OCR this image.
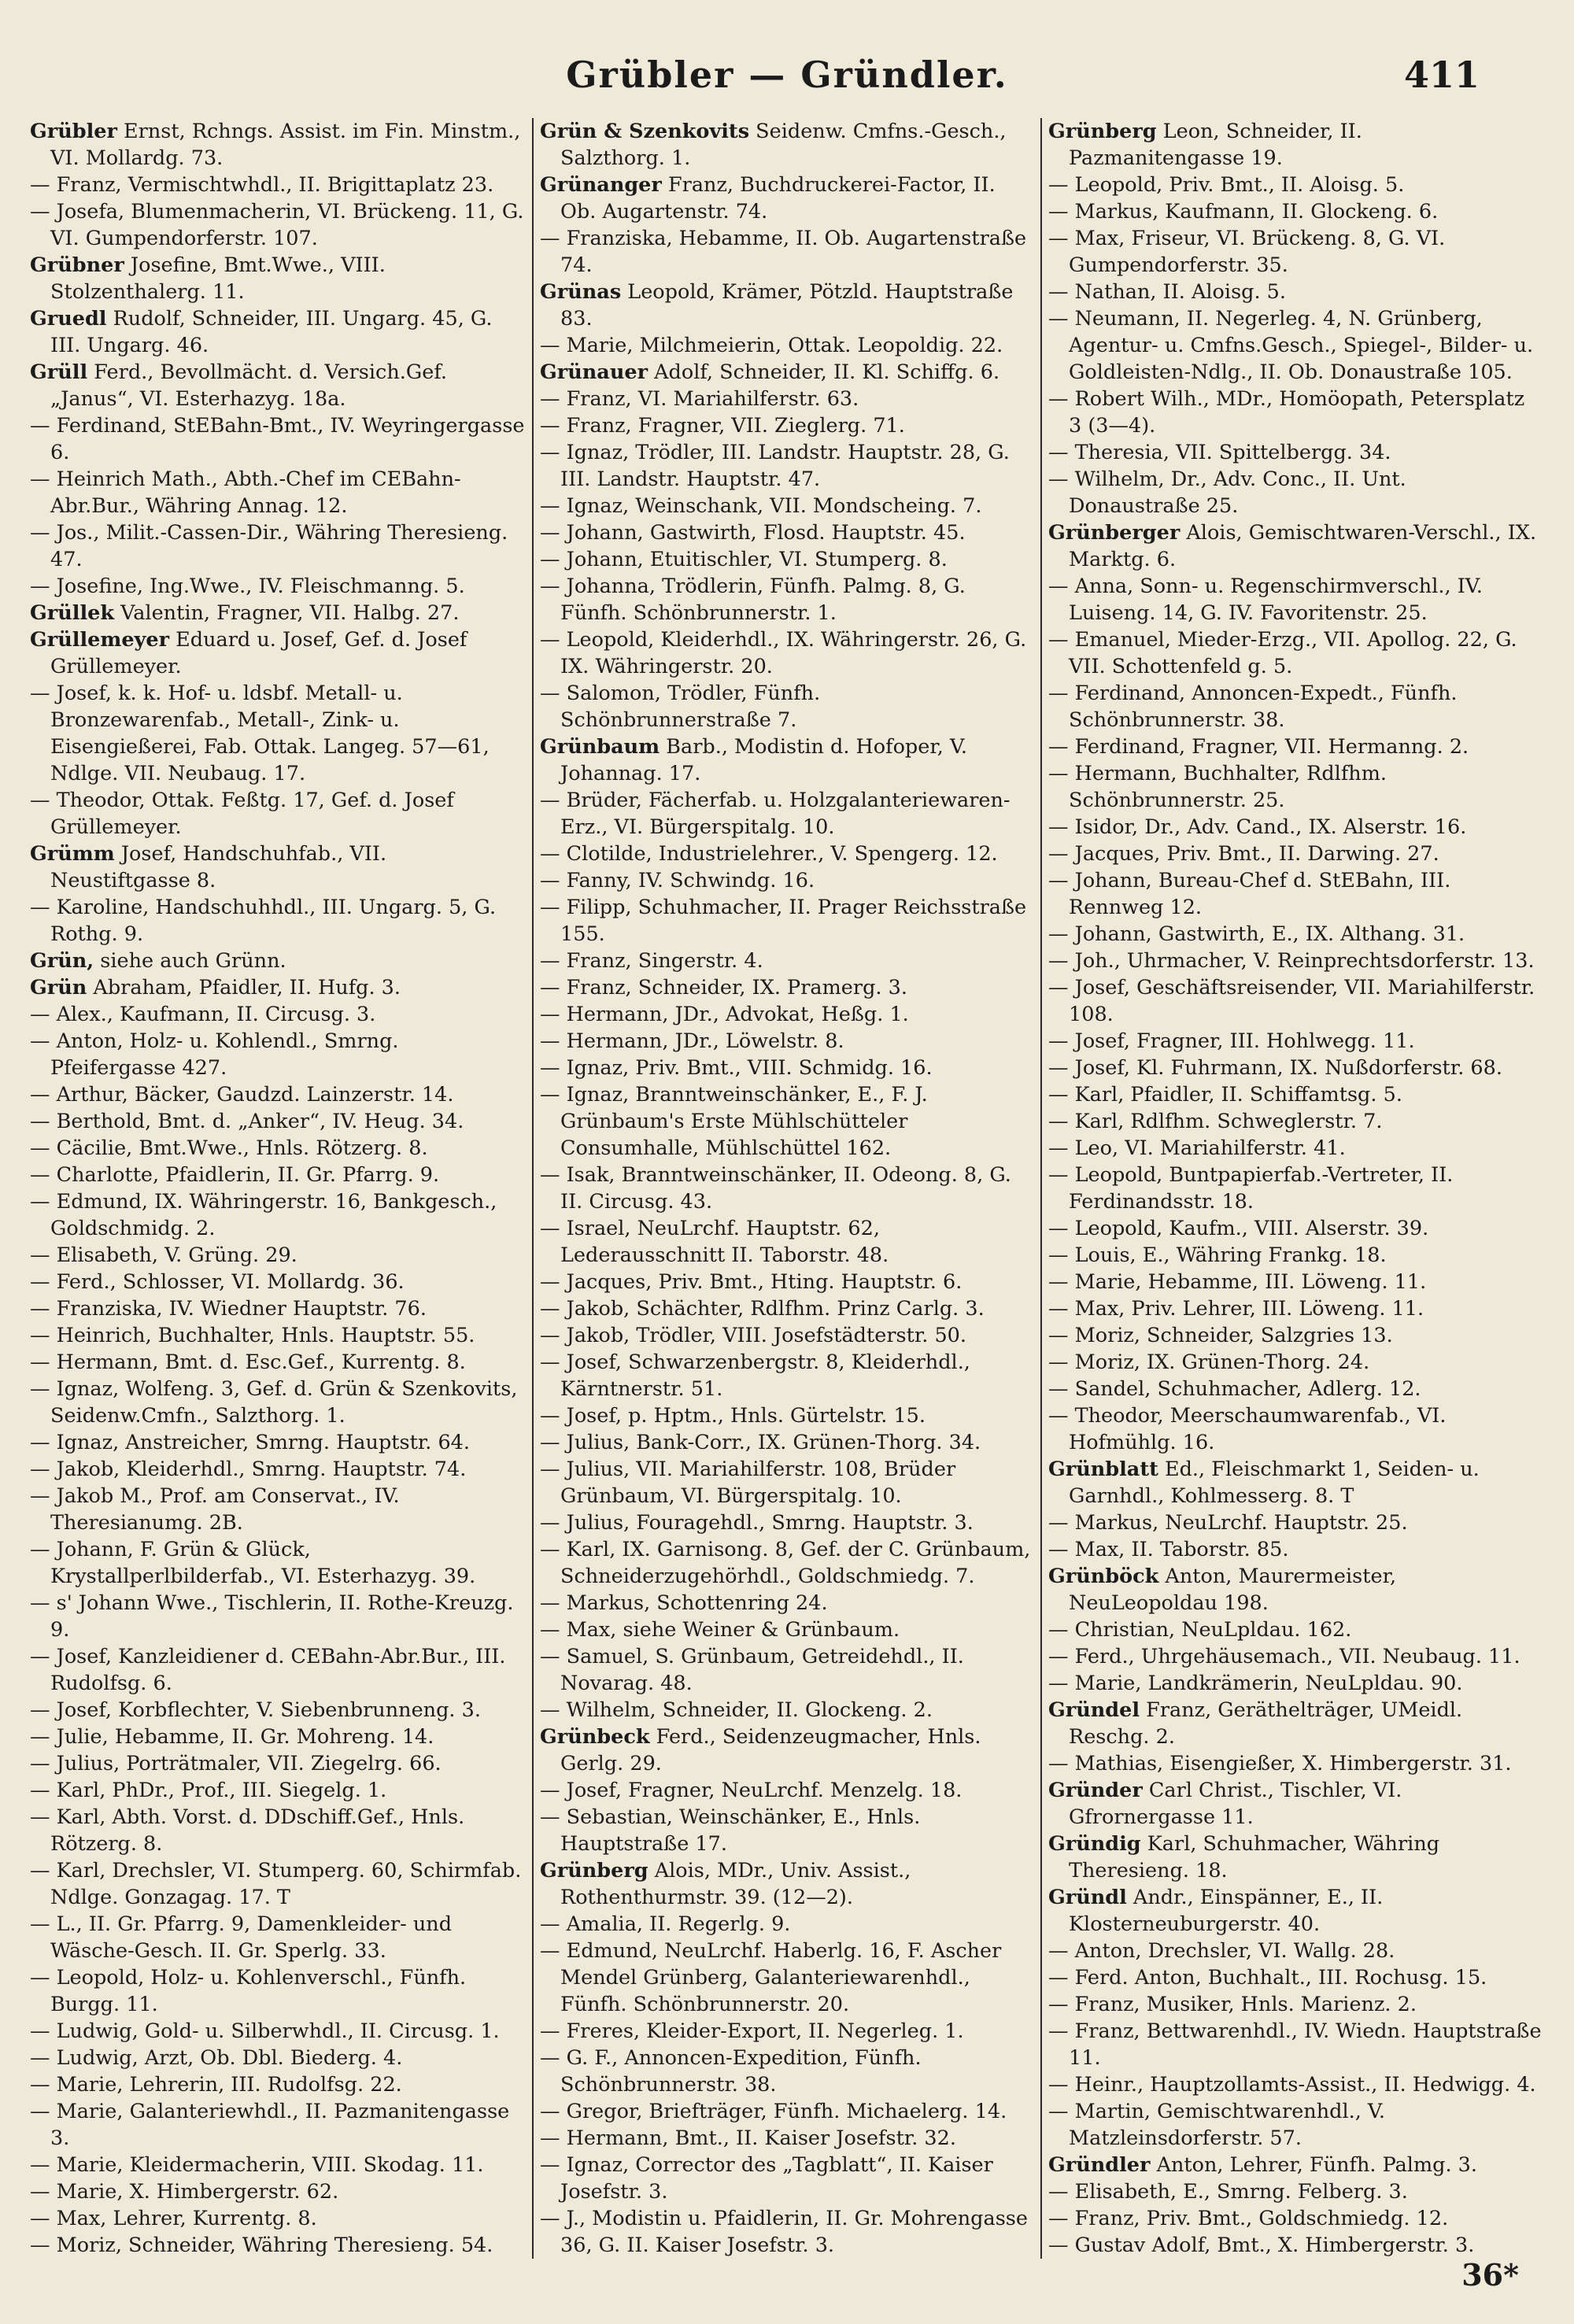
Grübler — Gründler.	411

Grübler Ernst, Rchngs. Assist. im Fin. Minstm., VI. Mollardg. 73.

— Franz, Vermischtwhdl., II. Brigittaplatz 23.

— Josefa, Blumenmacherin, VI. Brückeng. 11, G. VI. Gumpendorferstr. 107.

Grübner Josefine, Bmt.Wwe., VIII. Stolzenthalerg. 11.

Gruedl Rudolf, Schneider, III. Ungarg. 45, G. III. Ungarg. 46.

Grüll Ferd., Bevollmächt. d. Versich.Gef. „Janus“, VI. Esterhazyg. 18a.

— Ferdinand, StEBahn-Bmt., IV. Weyringergasse 6.

— Heinrich Math., Abth.-Chef im CEBahn-Abr.Bur., Währing Annag. 12.

— Jos., Milit.-Cassen-Dir., Währing Theresieng. 47.

— Josefine, Ing.Wwe., IV. Fleischmanng. 5.

Grüllek Valentin, Fragner, VII. Halbg. 27.

Grüllemeyer Eduard u. Josef, Gef. d. Josef Grüllemeyer.

— Josef, k. k. Hof- u. ldsbf. Metall- u. Bronzewarenfab., Metall-, Zink- u. Eisengießerei, Fab. Ottak. Langeg. 57—61, Ndlge. VII. Neubaug. 17.

— Theodor, Ottak. Feßtg. 17, Gef. d. Josef Grüllemeyer.

Grümm Josef, Handschuhfab., VII. Neustiftgasse 8.

— Karoline, Handschuhhdl., III. Ungarg. 5, G. Rothg. 9.

Grün, siehe auch Grünn.

Grün Abraham, Pfaidler, II. Hufg. 3.

— Alex., Kaufmann, II. Circusg. 3.

— Anton, Holz- u. Kohlendl., Smrng. Pfeifergasse 427.

— Arthur, Bäcker, Gaudzd. Lainzerstr. 14.

— Berthold, Bmt. d. „Anker“, IV. Heug. 34.

— Cäcilie, Bmt.Wwe., Hnls. Rötzerg. 8.

— Charlotte, Pfaidlerin, II. Gr. Pfarrg. 9.

— Edmund, IX. Währingerstr. 16, Bankgesch., Goldschmidg. 2.

— Elisabeth, V. Grüng. 29.

— Ferd., Schlosser, VI. Mollardg. 36.

— Franziska, IV. Wiedner Hauptstr. 76.

— Heinrich, Buchhalter, Hnls. Hauptstr. 55.

— Hermann, Bmt. d. Esc.Gef., Kurrentg. 8.

— Ignaz, Wolfeng. 3, Gef. d. Grün & Szenkovits, Seidenw.Cmfn., Salzthorg. 1.

— Ignaz, Anstreicher, Smrng. Hauptstr. 64.

— Jakob, Kleiderhdl., Smrng. Hauptstr. 74.

— Jakob M., Prof. am Conservat., IV. Theresianumg. 2B.

— Johann, F. Grün & Glück, Krystallperlbilderfab., VI. Esterhazyg. 39.

— s' Johann Wwe., Tischlerin, II. Rothe-Kreuzg. 9.

— Josef, Kanzleidiener d. CEBahn-Abr.Bur., III. Rudolfsg. 6.

— Josef, Korbflechter, V. Siebenbrunneng. 3.

— Julie, Hebamme, II. Gr. Mohreng. 14.

— Julius, Porträtmaler, VII. Ziegelrg. 66.

— Karl, PhDr., Prof., III. Siegelg. 1.

— Karl, Abth. Vorst. d. DDschiff.Gef., Hnls. Rötzerg. 8.

— Karl, Drechsler, VI. Stumperg. 60, Schirmfab. Ndlge. Gonzagag. 17. T

— L., II. Gr. Pfarrg. 9, Damenkleider- und Wäsche-Gesch. II. Gr. Sperlg. 33.

— Leopold, Holz- u. Kohlenverschl., Fünfh. Burgg. 11.

— Ludwig, Gold- u. Silberwhdl., II. Circusg. 1.

— Ludwig, Arzt, Ob. Dbl. Biederg. 4.

— Marie, Lehrerin, III. Rudolfsg. 22.

— Marie, Galanteriewhdl., II. Pazmanitengasse 3.

— Marie, Kleidermacherin, VIII. Skodag. 11.

— Marie, X. Himbergerstr. 62.

— Max, Lehrer, Kurrentg. 8.

— Moriz, Schneider, Währing Theresieng. 54.

Grün & Szenkovits Seidenw. Cmfns.-Gesch., Salzthorg. 1.

Grünanger Franz, Buchdruckerei-Factor, II. Ob. Augartenstr. 74.

— Franziska, Hebamme, II. Ob. Augartenstraße 74.

Grünas Leopold, Krämer, Pötzld. Hauptstraße 83.

— Marie, Milchmeierin, Ottak. Leopoldig. 22.

Grünauer Adolf, Schneider, II. Kl. Schiffg. 6.

— Franz, VI. Mariahilferstr. 63.

— Franz, Fragner, VII. Zieglerg. 71.

— Ignaz, Trödler, III. Landstr. Hauptstr. 28, G. III. Landstr. Hauptstr. 47.

— Ignaz, Weinschank, VII. Mondscheing. 7.

— Johann, Gastwirth, Flosd. Hauptstr. 45.

— Johann, Etuitischler, VI. Stumperg. 8.

— Johanna, Trödlerin, Fünfh. Palmg. 8, G. Fünfh. Schönbrunnerstr. 1.

— Leopold, Kleiderhdl., IX. Währingerstr. 26, G. IX. Währingerstr. 20.

— Salomon, Trödler, Fünfh. Schönbrunnerstraße 7.

Grünbaum Barb., Modistin d. Hofoper, V. Johannag. 17.

— Brüder, Fächerfab. u. Holzgalanteriewaren-Erz., VI. Bürgerspitalg. 10.

— Clotilde, Industrielehrer., V. Spengerg. 12.

— Fanny, IV. Schwindg. 16.

— Filipp, Schuhmacher, II. Prager Reichsstraße 155.

— Franz, Singerstr. 4.

— Franz, Schneider, IX. Pramerg. 3.

— Hermann, JDr., Advokat, Heßg. 1.

— Hermann, JDr., Löwelstr. 8.

— Ignaz, Priv. Bmt., VIII. Schmidg. 16.

— Ignaz, Branntweinschänker, E., F. J. Grünbaum's Erste Mühlschütteler Consumhalle, Mühlschüttel 162.

— Isak, Branntweinschänker, II. Odeong. 8, G. II. Circusg. 43.

— Israel, NeuLrchf. Hauptstr. 62, Lederausschnitt II. Taborstr. 48.

— Jacques, Priv. Bmt., Hting. Hauptstr. 6.

— Jakob, Schächter, Rdlfhm. Prinz Carlg. 3.

— Jakob, Trödler, VIII. Josefstädterstr. 50.

— Josef, Schwarzenbergstr. 8, Kleiderhdl., Kärntnerstr. 51.

— Josef, p. Hptm., Hnls. Gürtelstr. 15.

— Julius, Bank-Corr., IX. Grünen-Thorg. 34.

— Julius, VII. Mariahilferstr. 108, Brüder Grünbaum, VI. Bürgerspitalg. 10.

— Julius, Fouragehdl., Smrng. Hauptstr. 3.

— Karl, IX. Garnisong. 8, Gef. der C. Grünbaum, Schneiderzugehörhdl., Goldschmiedg. 7.

— Markus, Schottenring 24.

— Max, siehe Weiner & Grünbaum.

— Samuel, S. Grünbaum, Getreidehdl., II. Novarag. 48.

— Wilhelm, Schneider, II. Glockeng. 2.

Grünbeck Ferd., Seidenzeugmacher, Hnls. Gerlg. 29.

— Josef, Fragner, NeuLrchf. Menzelg. 18.

— Sebastian, Weinschänker, E., Hnls. Hauptstraße 17.

Grünberg Alois, MDr., Univ. Assist., Rothenthurmstr. 39. (12—2).

— Amalia, II. Regerlg. 9.

— Edmund, NeuLrchf. Haberlg. 16, F. Ascher Mendel Grünberg, Galanteriewarenhdl., Fünfh. Schönbrunnerstr. 20.

— Freres, Kleider-Export, II. Negerleg. 1.

— G. F., Annoncen-Expedition, Fünfh. Schönbrunnerstr. 38.

— Gregor, Briefträger, Fünfh. Michaelerg. 14.

— Hermann, Bmt., II. Kaiser Josefstr. 32.

— Ignaz, Corrector des „Tagblatt“, II. Kaiser Josefstr. 3.

— J., Modistin u. Pfaidlerin, II. Gr. Mohrengasse 36, G. II. Kaiser Josefstr. 3.

Grünberg Leon, Schneider, II. Pazmanitengasse 19.

— Leopold, Priv. Bmt., II. Aloisg. 5.

— Markus, Kaufmann, II. Glockeng. 6.

— Max, Friseur, VI. Brückeng. 8, G. VI. Gumpendorferstr. 35.

— Nathan, II. Aloisg. 5.

— Neumann, II. Negerleg. 4, N. Grünberg, Agentur- u. Cmfns.Gesch., Spiegel-, Bilder- u. Goldleisten-Ndlg., II. Ob. Donaustraße 105.

— Robert Wilh., MDr., Homöopath, Petersplatz 3 (3—4).

— Theresia, VII. Spittelbergg. 34.

— Wilhelm, Dr., Adv. Conc., II. Unt. Donaustraße 25.

Grünberger Alois, Gemischtwaren-Verschl., IX. Marktg. 6.

— Anna, Sonn- u. Regenschirmverschl., IV. Luiseng. 14, G. IV. Favoritenstr. 25.

— Emanuel, Mieder-Erzg., VII. Apollog. 22, G. VII. Schottenfeld g. 5.

— Ferdinand, Annoncen-Expedt., Fünfh. Schönbrunnerstr. 38.

— Ferdinand, Fragner, VII. Hermanng. 2.

— Hermann, Buchhalter, Rdlfhm. Schönbrunnerstr. 25.

— Isidor, Dr., Adv. Cand., IX. Alserstr. 16.

— Jacques, Priv. Bmt., II. Darwing. 27.

— Johann, Bureau-Chef d. StEBahn, III. Rennweg 12.

— Johann, Gastwirth, E., IX. Althang. 31.

— Joh., Uhrmacher, V. Reinprechtsdorferstr. 13.

— Josef, Geschäftsreisender, VII. Mariahilferstr. 108.

— Josef, Fragner, III. Hohlwegg. 11.

— Josef, Kl. Fuhrmann, IX. Nußdorferstr. 68.

— Karl, Pfaidler, II. Schiffamtsg. 5.

— Karl, Rdlfhm. Schweglerstr. 7.

— Leo, VI. Mariahilferstr. 41.

— Leopold, Buntpapierfab.-Vertreter, II. Ferdinandsstr. 18.

— Leopold, Kaufm., VIII. Alserstr. 39.

— Louis, E., Währing Frankg. 18.

— Marie, Hebamme, III. Löweng. 11.

— Max, Priv. Lehrer, III. Löweng. 11.

— Moriz, Schneider, Salzgries 13.

— Moriz, IX. Grünen-Thorg. 24.

— Sandel, Schuhmacher, Adlerg. 12.

— Theodor, Meerschaumwarenfab., VI. Hofmühlg. 16.

Grünblatt Ed., Fleischmarkt 1, Seiden- u. Garnhdl., Kohlmesserg. 8. T

— Markus, NeuLrchf. Hauptstr. 25.

— Max, II. Taborstr. 85.

Grünböck Anton, Maurermeister, NeuLeopoldau 198.

— Christian, NeuLpldau. 162.

— Ferd., Uhrgehäusemach., VII. Neubaug. 11.

— Marie, Landkrämerin, NeuLpldau. 90.

Gründel Franz, Geräthelträger, UMeidl. Reschg. 2.

— Mathias, Eisengießer, X. Himbergerstr. 31.

Gründer Carl Christ., Tischler, VI. Gfrornergasse 11.

Gründig Karl, Schuhmacher, Währing Theresieng. 18.

Gründl Andr., Einspänner, E., II. Klosterneuburgerstr. 40.

— Anton, Drechsler, VI. Wallg. 28.

— Ferd. Anton, Buchhalt., III. Rochusg. 15.

— Franz, Musiker, Hnls. Marienz. 2.

— Franz, Bettwarenhdl., IV. Wiedn. Hauptstraße 11.

— Heinr., Hauptzollamts-Assist., II. Hedwigg. 4.

— Martin, Gemischtwarenhdl., V. Matzleinsdorferstr. 57.

Gründler Anton, Lehrer, Fünfh. Palmg. 3.

— Elisabeth, E., Smrng. Felberg. 3.

— Franz, Priv. Bmt., Goldschmiedg. 12.

— Gustav Adolf, Bmt., X. Himbergerstr. 3.

36*
